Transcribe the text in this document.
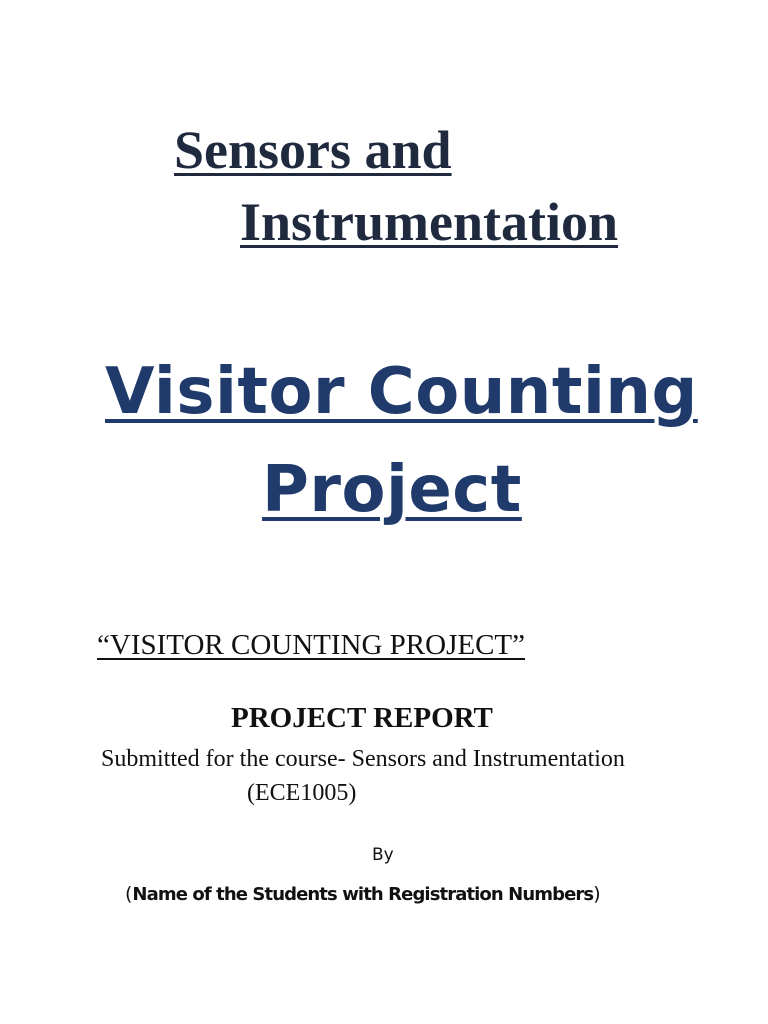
Sensors and
Instrumentation
Visitor Counting
Project
“VISITOR COUNTING PROJECT”
PROJECT REPORT
Submitted for the course- Sensors and Instrumentation
(ECE1005)
By
(Name of the Students with Registration Numbers)
